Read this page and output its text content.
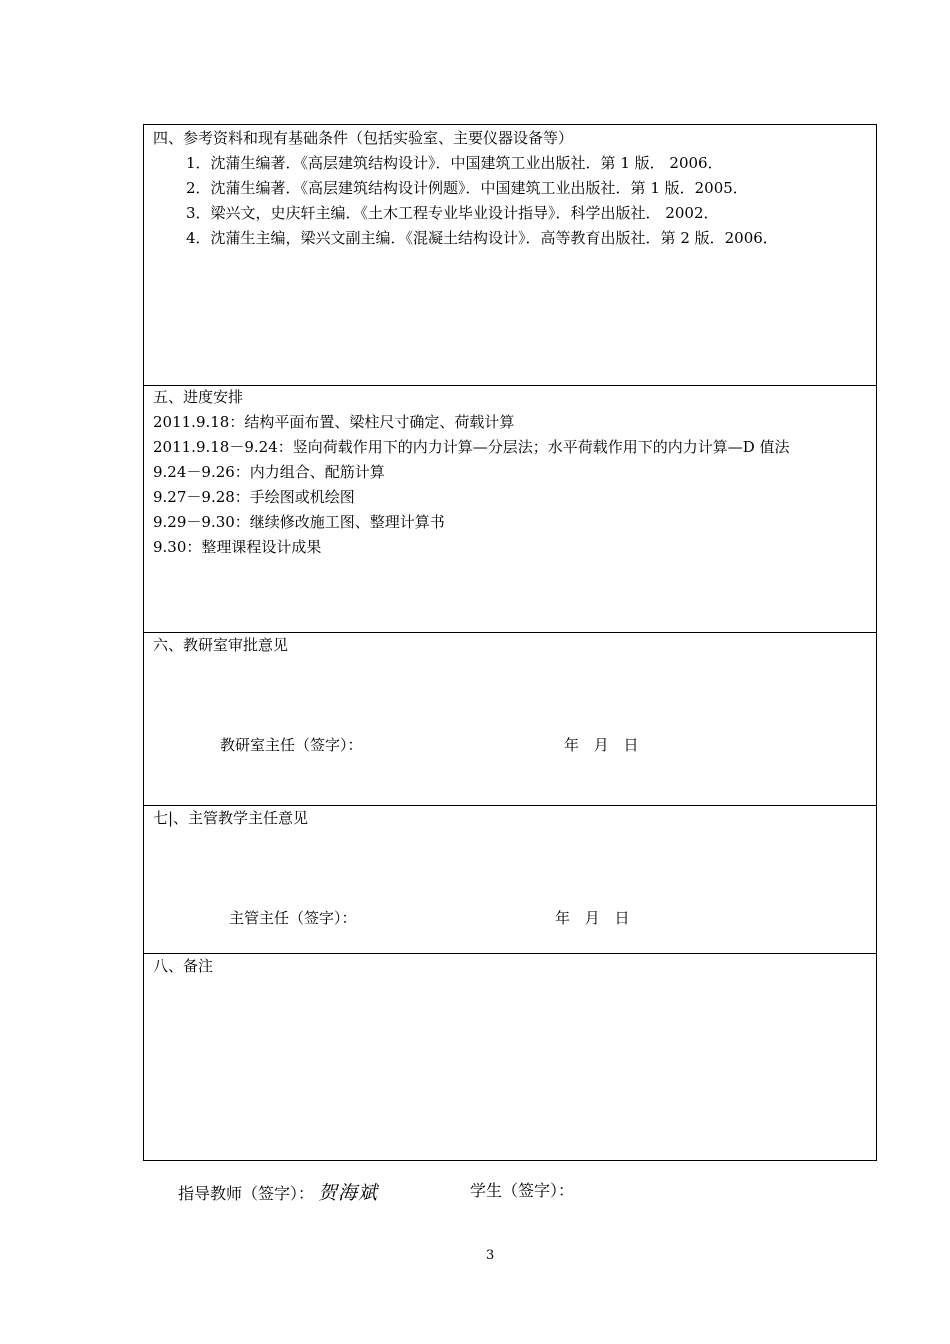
四、参考资料和现有基础条件（包括实验室、主要仪器设备等）
1．沈蒲生编著．《高层建筑结构设计》．中国建筑工业出版社．第 1 版． 2006．
2．沈蒲生编著．《高层建筑结构设计例题》．中国建筑工业出版社．第 1 版．2005．
3．梁兴文，史庆轩主编．《土木工程专业毕业设计指导》．科学出版社． 2002．
4．沈蒲生主编，梁兴文副主编．《混凝土结构设计》．高等教育出版社．第 2 版．2006．
五、进度安排
2011.9.18：结构平面布置、梁柱尺寸确定、荷载计算
2011.9.18－9.24：竖向荷载作用下的内力计算—分层法；水平荷载作用下的内力计算—D 值法
9.24－9.26：内力组合、配筋计算
9.27－9.28：手绘图或机绘图
9.29－9.30：继续修改施工图、整理计算书
9.30：整理课程设计成果
六、教研室审批意见
教研室主任（签字）：	年 月 日
七|、主管教学主任意见
主管主任（签字）：	年 月 日
八、备注
指导教师（签字）： 贺海斌	学生（签字）：
3
